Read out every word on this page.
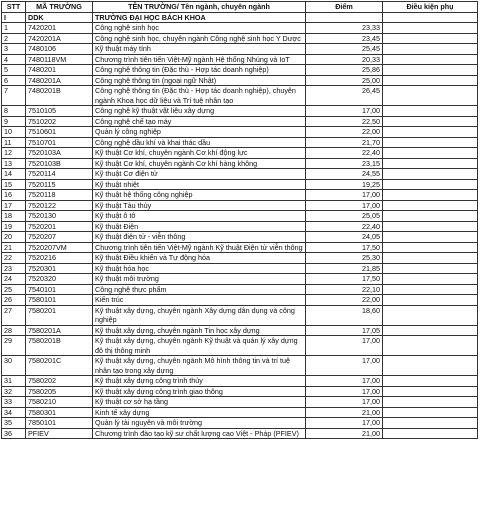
STT	MÃ TRƯỜNG	TÊN TRƯỜNG/ Tên ngành, chuyên ngành	Điểm	Điều kiện phụ
I	DDK	TRƯỜNG ĐẠI HỌC BÁCH KHOA		
1	7420201	Công nghệ sinh học	23,33	
2	7420201A	Công nghệ sinh học, chuyên ngành Công nghệ sinh học Y Dược	23,45	
3	7480106	Kỹ thuật máy tính	25,45	
4	7480118VM	Chương trình tiên tiến Việt-Mỹ ngành Hệ thống Nhúng và IoT	20,33	
5	7480201	Công nghệ thông tin (Đặc thù - Hợp tác doanh nghiệp)	25,86	
6	7480201A	Công nghệ thông tin (ngoại ngữ Nhật)	25,00	
7	7480201B	Công nghệ thông tin (Đặc thù - Hợp tác doanh nghiệp), chuyên ngành Khoa học dữ liệu và Trí tuệ nhân tạo	26,45	
8	7510105	Công nghệ kỹ thuật vật liệu xây dựng	17,00	
9	7510202	Công nghệ chế tạo máy	22,50	
10	7510601	Quản lý công nghiệp	22,00	
11	7510701	Công nghệ dầu khí và khai thác dầu	21,70	
12	7520103A	Kỹ thuật Cơ khí, chuyên ngành Cơ khí động lực	22,40	
13	7520103B	Kỹ thuật Cơ khí, chuyên ngành Cơ khí hàng không	23,15	
14	7520114	Kỹ thuật Cơ điện tử	24,55	
15	7520115	Kỹ thuật nhiệt	19,25	
16	7520118	Kỹ thuật hệ thống công nghiệp	17,00	
17	7520122	Kỹ thuật Tàu thủy	17,00	
18	7520130	Kỹ thuật ô tô	25,05	
19	7520201	Kỹ thuật Điện	22,40	
20	7520207	Kỹ thuật điện tử - viễn thông	24,05	
21	7520207VM	Chương trình tiên tiến Việt-Mỹ ngành Kỹ thuật Điện tử viễn thông	17,50	
22	7520216	Kỹ thuật Điều khiển và Tự động hóa	25,30	
23	7520301	Kỹ thuật hóa học	21,85	
24	7520320	Kỹ thuật môi trường	17,50	
25	7540101	Công nghệ thực phẩm	22,10	
26	7580101	Kiến trúc	22,00	
27	7580201	Kỹ thuật xây dựng, chuyên ngành Xây dựng dân dụng và công nghiệp	18,60	
28	7580201A	Kỹ thuật xây dựng, chuyên ngành Tin học xây dựng	17,05	
29	7580201B	Kỹ thuật xây dựng, chuyên ngành Kỹ thuật và quản lý xây dựng đô thị thông minh	17,00	
30	7580201C	Kỹ thuật xây dựng, chuyên ngành Mô hình thông tin và trí tuệ nhân tạo trong xây dựng	17,00	
31	7580202	Kỹ thuật xây dựng công trình thủy	17,00	
32	7580205	Kỹ thuật xây dựng công trình giao thông	17,00	
33	7580210	Kỹ thuật cơ sở hạ tầng	17,00	
34	7580301	Kinh tế xây dựng	21,00	
35	7850101	Quản lý tài nguyên và môi trường	17,00	
36	PFIEV	Chương trình đào tạo kỹ sư chất lượng cao Việt - Pháp (PFIEV)	21,00	
